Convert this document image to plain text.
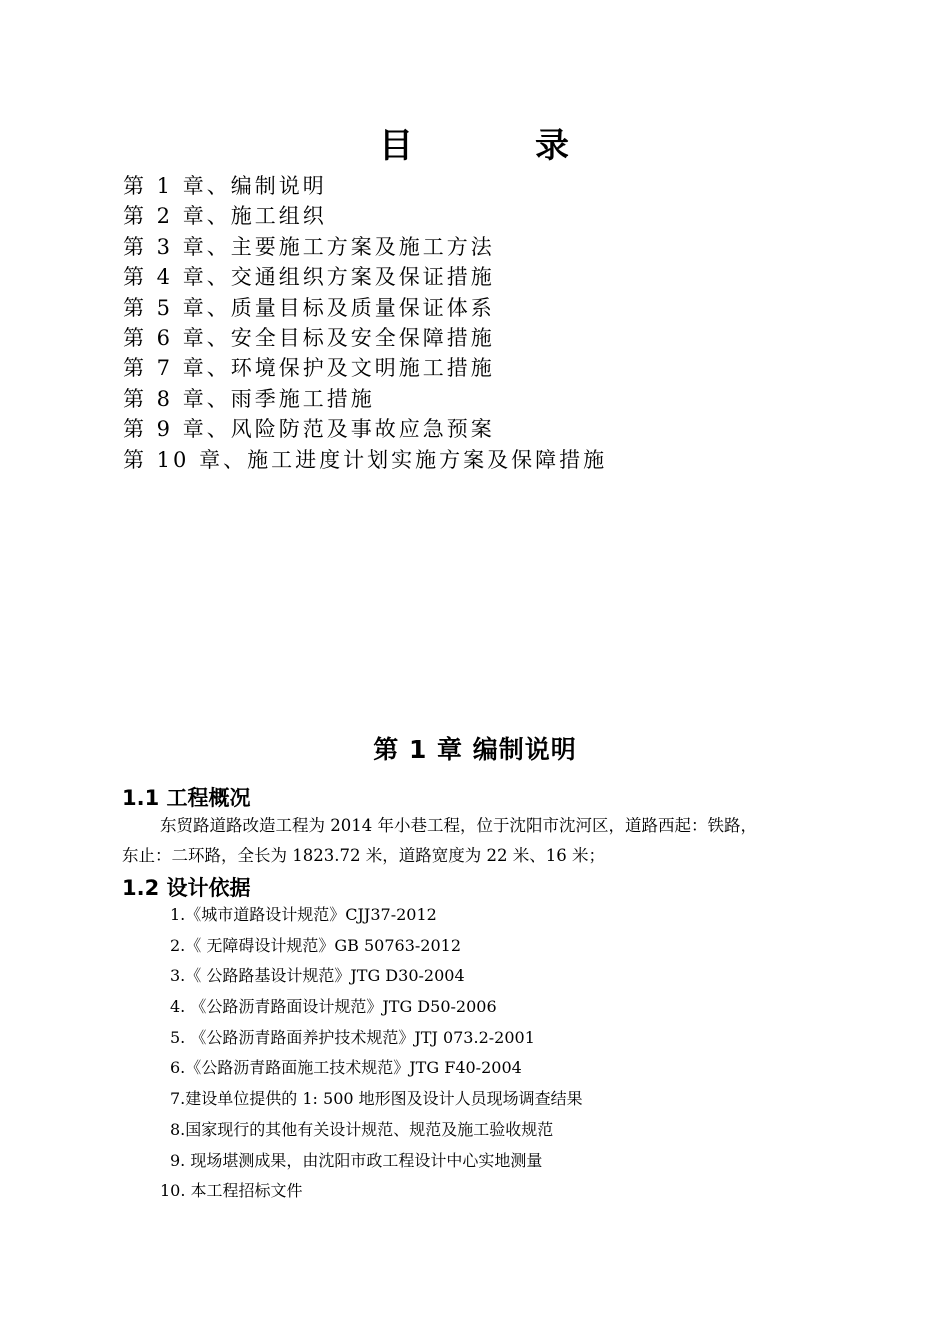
目	录
第 1 章、编制说明
第 2 章、施工组织
第 3 章、主要施工方案及施工方法
第 4 章、交通组织方案及保证措施
第 5 章、质量目标及质量保证体系
第 6 章、安全目标及安全保障措施
第 7 章、环境保护及文明施工措施
第 8 章、雨季施工措施
第 9 章、风险防范及事故应急预案
第 10 章、施工进度计划实施方案及保障措施
第 1 章 编制说明
1.1 工程概况
东贸路道路改造工程为 2014 年小巷工程，位于沈阳市沈河区，道路西起：铁路，
东止：二环路，全长为 1823.72 米，道路宽度为 22 米、16 米；
1.2 设计依据
1.《城市道路设计规范》CJJ37-2012
2.《 无障碍设计规范》GB 50763-2012
3.《 公路路基设计规范》JTG D30-2004
4. 《公路沥青路面设计规范》JTG D50-2006
5. 《公路沥青路面养护技术规范》JTJ 073.2-2001
6.《公路沥青路面施工技术规范》JTG F40-2004
7.建设单位提供的 1: 500 地形图及设计人员现场调查结果
8.国家现行的其他有关设计规范、规范及施工验收规范
9. 现场堪测成果，由沈阳市政工程设计中心实地测量
10. 本工程招标文件
